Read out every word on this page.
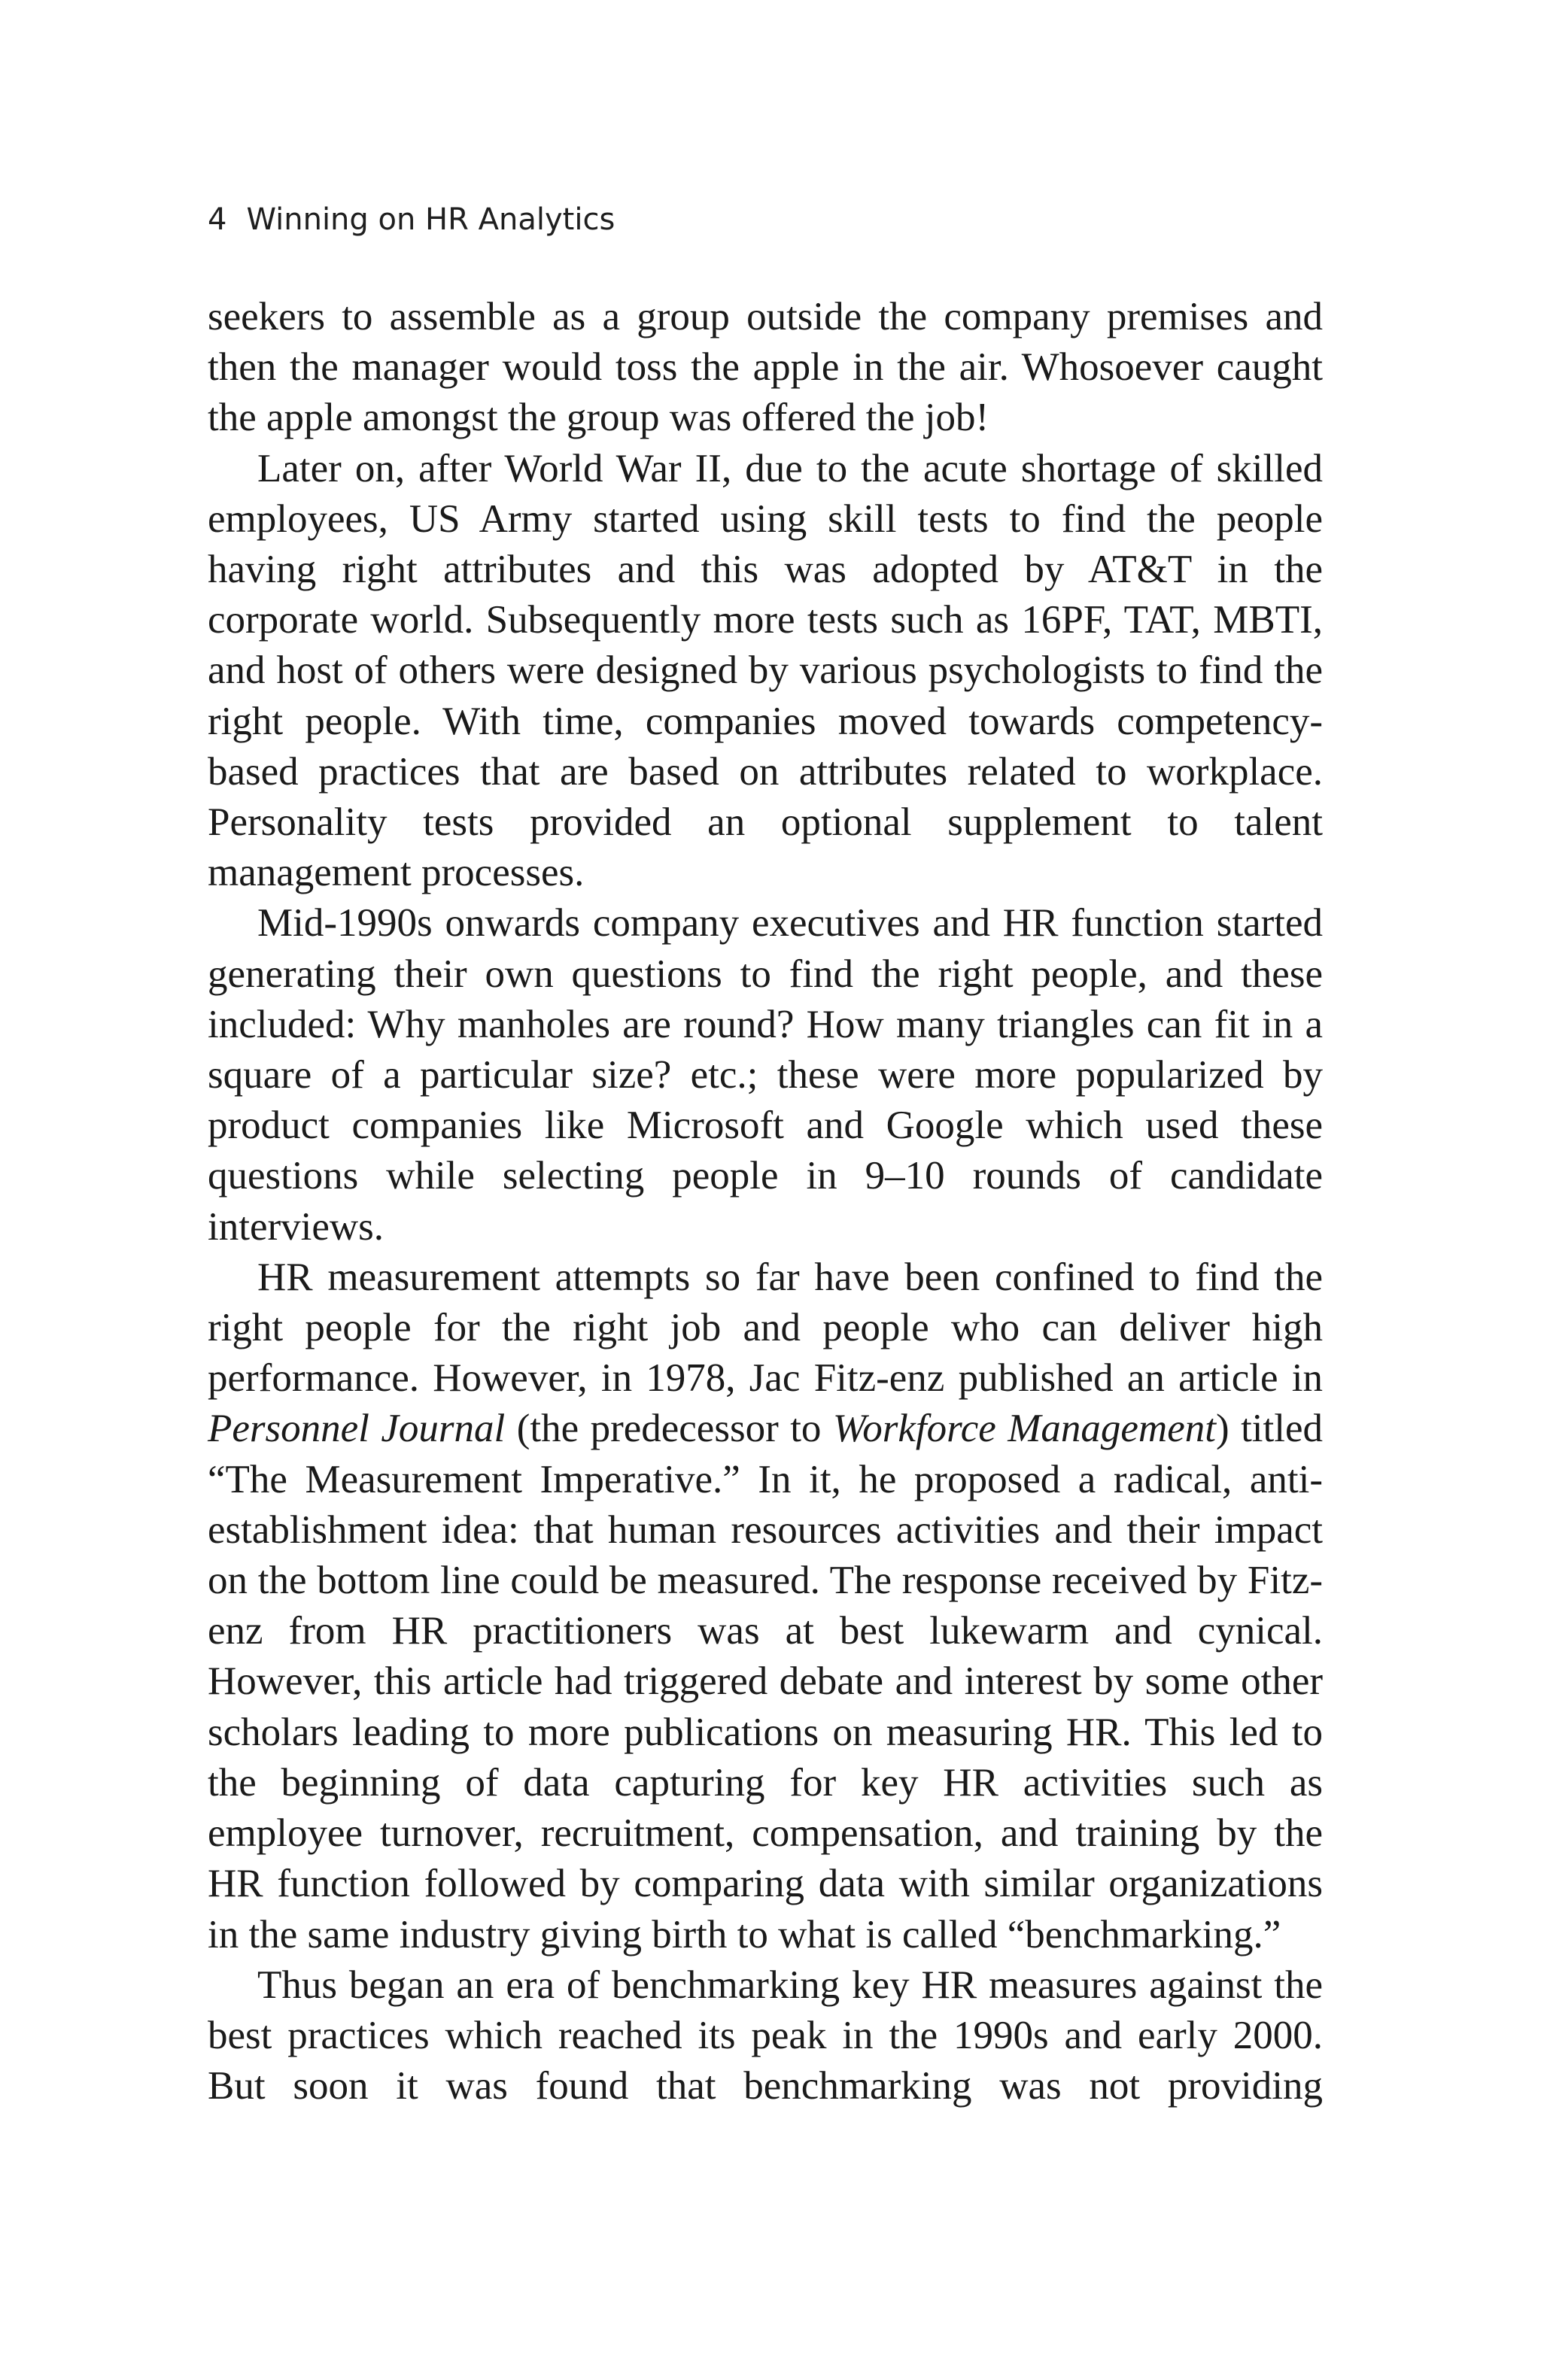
4 Winning on HR Analytics

seekers to assemble as a group outside the company premises and then the manager would toss the apple in the air. Whosoever caught the apple amongst the group was offered the job!

Later on, after World War II, due to the acute shortage of skilled employees, US Army started using skill tests to find the people having right attributes and this was adopted by AT&T in the corporate world. Subsequently more tests such as 16PF, TAT, MBTI, and host of others were designed by various psychologists to find the right people. With time, companies moved towards competency-based practices that are based on attributes related to workplace. Personality tests provided an optional supplement to talent management processes.

Mid-1990s onwards company executives and HR function started generating their own questions to find the right people, and these included: Why manholes are round? How many triangles can fit in a square of a particular size? etc.; these were more popularized by product companies like Microsoft and Google which used these questions while selecting people in 9–10 rounds of candidate interviews.

HR measurement attempts so far have been confined to find the right people for the right job and people who can deliver high performance. However, in 1978, Jac Fitz-enz published an article in Personnel Journal (the predecessor to Workforce Management) titled “The Measurement Imperative.” In it, he proposed a radical, anti-establishment idea: that human resources activities and their impact on the bottom line could be measured. The response received by Fitz-enz from HR practitioners was at best lukewarm and cynical. However, this article had triggered debate and interest by some other scholars leading to more publications on measuring HR. This led to the beginning of data capturing for key HR activities such as employee turnover, recruitment, compensation, and training by the HR function followed by comparing data with similar organizations in the same industry giving birth to what is called “benchmarking.”

Thus began an era of benchmarking key HR measures against the best practices which reached its peak in the 1990s and early 2000. But soon it was found that benchmarking was not providing
